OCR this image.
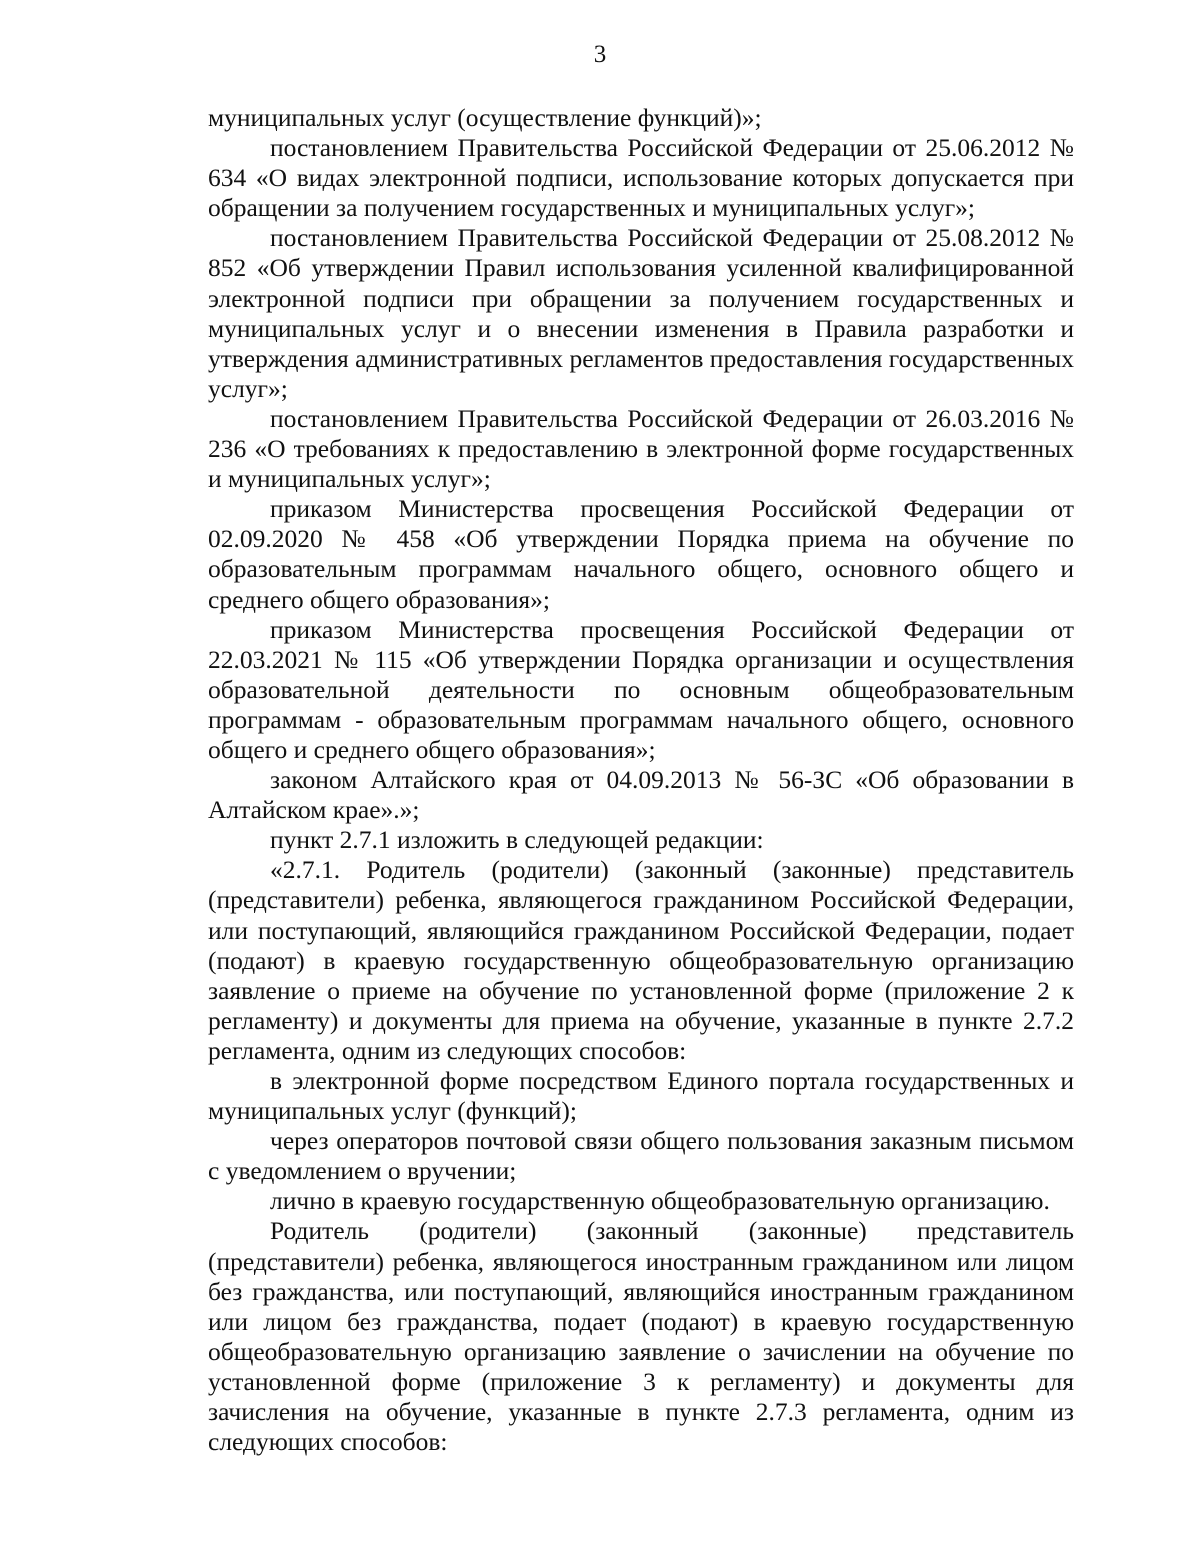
3

муниципальных услуг (осуществление функций)»;

постановлением Правительства Российской Федерации от 25.06.2012 № 634 «О видах электронной подписи, использование которых допускается при обращении за получением государственных и муниципальных услуг»;

постановлением Правительства Российской Федерации от 25.08.2012 № 852 «Об утверждении Правил использования усиленной квалифицированной электронной подписи при обращении за получением государственных и муниципальных услуг и о внесении изменения в Правила разработки и утверждения административных регламентов предоставления государственных услуг»;

постановлением Правительства Российской Федерации от 26.03.2016 № 236 «О требованиях к предоставлению в электронной форме государственных и муниципальных услуг»;

приказом Министерства просвещения Российской Федерации от 02.09.2020 № 458 «Об утверждении Порядка приема на обучение по образовательным программам начального общего, основного общего и среднего общего образования»;

приказом Министерства просвещения Российской Федерации от 22.03.2021 № 115 «Об утверждении Порядка организации и осуществления образовательной деятельности по основным общеобразовательным программам - образовательным программам начального общего, основного общего и среднего общего образования»;

законом Алтайского края от 04.09.2013 № 56-ЗС «Об образовании в Алтайском крае».»;

пункт 2.7.1 изложить в следующей редакции:

«2.7.1. Родитель (родители) (законный (законные) представитель (представители) ребенка, являющегося гражданином Российской Федерации, или поступающий, являющийся гражданином Российской Федерации, подает (подают) в краевую государственную общеобразовательную организацию заявление о приеме на обучение по установленной форме (приложение 2 к регламенту) и документы для приема на обучение, указанные в пункте 2.7.2 регламента, одним из следующих способов:

в электронной форме посредством Единого портала государственных и муниципальных услуг (функций);

через операторов почтовой связи общего пользования заказным письмом с уведомлением о вручении;

лично в краевую государственную общеобразовательную организацию.

Родитель (родители) (законный (законные) представитель (представители) ребенка, являющегося иностранным гражданином или лицом без гражданства, или поступающий, являющийся иностранным гражданином или лицом без гражданства, подает (подают) в краевую государственную общеобразовательную организацию заявление о зачислении на обучение по установленной форме (приложение 3 к регламенту) и документы для зачисления на обучение, указанные в пункте 2.7.3 регламента, одним из следующих способов:
